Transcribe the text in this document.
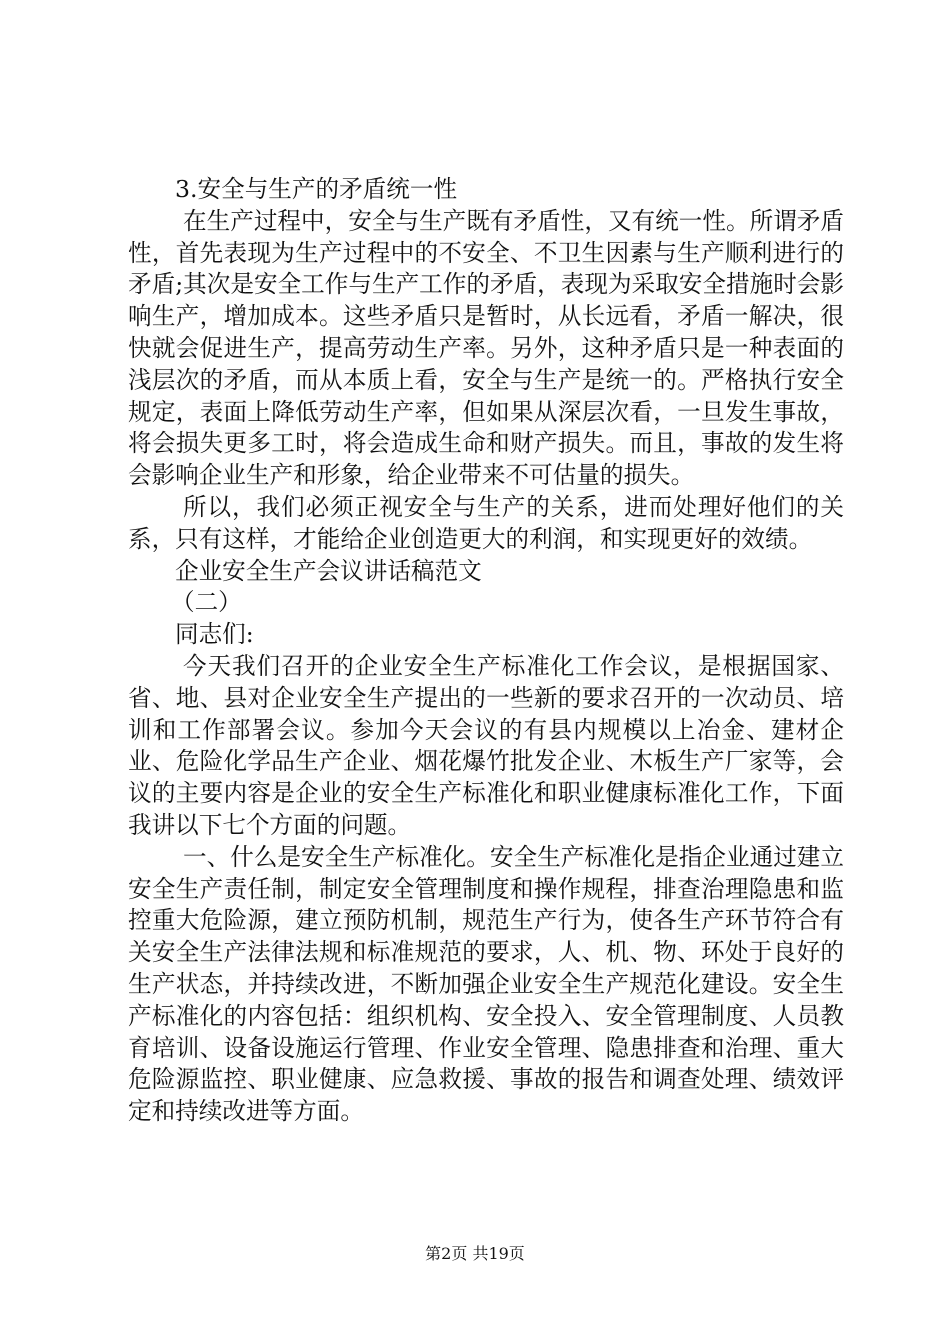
3.安全与生产的矛盾统一性

在生产过程中，安全与生产既有矛盾性，又有统一性。所谓矛盾性，首先表现为生产过程中的不安全、不卫生因素与生产顺利进行的矛盾;其次是安全工作与生产工作的矛盾，表现为采取安全措施时会影响生产，增加成本。这些矛盾只是暂时，从长远看，矛盾一解决，很快就会促进生产，提高劳动生产率。另外，这种矛盾只是一种表面的浅层次的矛盾，而从本质上看，安全与生产是统一的。严格执行安全规定，表面上降低劳动生产率，但如果从深层次看，一旦发生事故，将会损失更多工时，将会造成生命和财产损失。而且，事故的发生将会影响企业生产和形象，给企业带来不可估量的损失。

所以，我们必须正视安全与生产的关系，进而处理好他们的关系，只有这样，才能给企业创造更大的利润，和实现更好的效绩。

企业安全生产会议讲话稿范文

（二）

同志们:

今天我们召开的企业安全生产标准化工作会议，是根据国家、省、地、县对企业安全生产提出的一些新的要求召开的一次动员、培训和工作部署会议。参加今天会议的有县内规模以上冶金、建材企业、危险化学品生产企业、烟花爆竹批发企业、木板生产厂家等，会议的主要内容是企业的安全生产标准化和职业健康标准化工作，下面我讲以下七个方面的问题。

一、什么是安全生产标准化。安全生产标准化是指企业通过建立安全生产责任制，制定安全管理制度和操作规程，排查治理隐患和监控重大危险源，建立预防机制，规范生产行为，使各生产环节符合有关安全生产法律法规和标准规范的要求，人、机、物、环处于良好的生产状态，并持续改进，不断加强企业安全生产规范化建设。安全生产标准化的内容包括：组织机构、安全投入、安全管理制度、人员教育培训、设备设施运行管理、作业安全管理、隐患排查和治理、重大危险源监控、职业健康、应急救援、事故的报告和调查处理、绩效评定和持续改进等方面。

第2页 共19页
